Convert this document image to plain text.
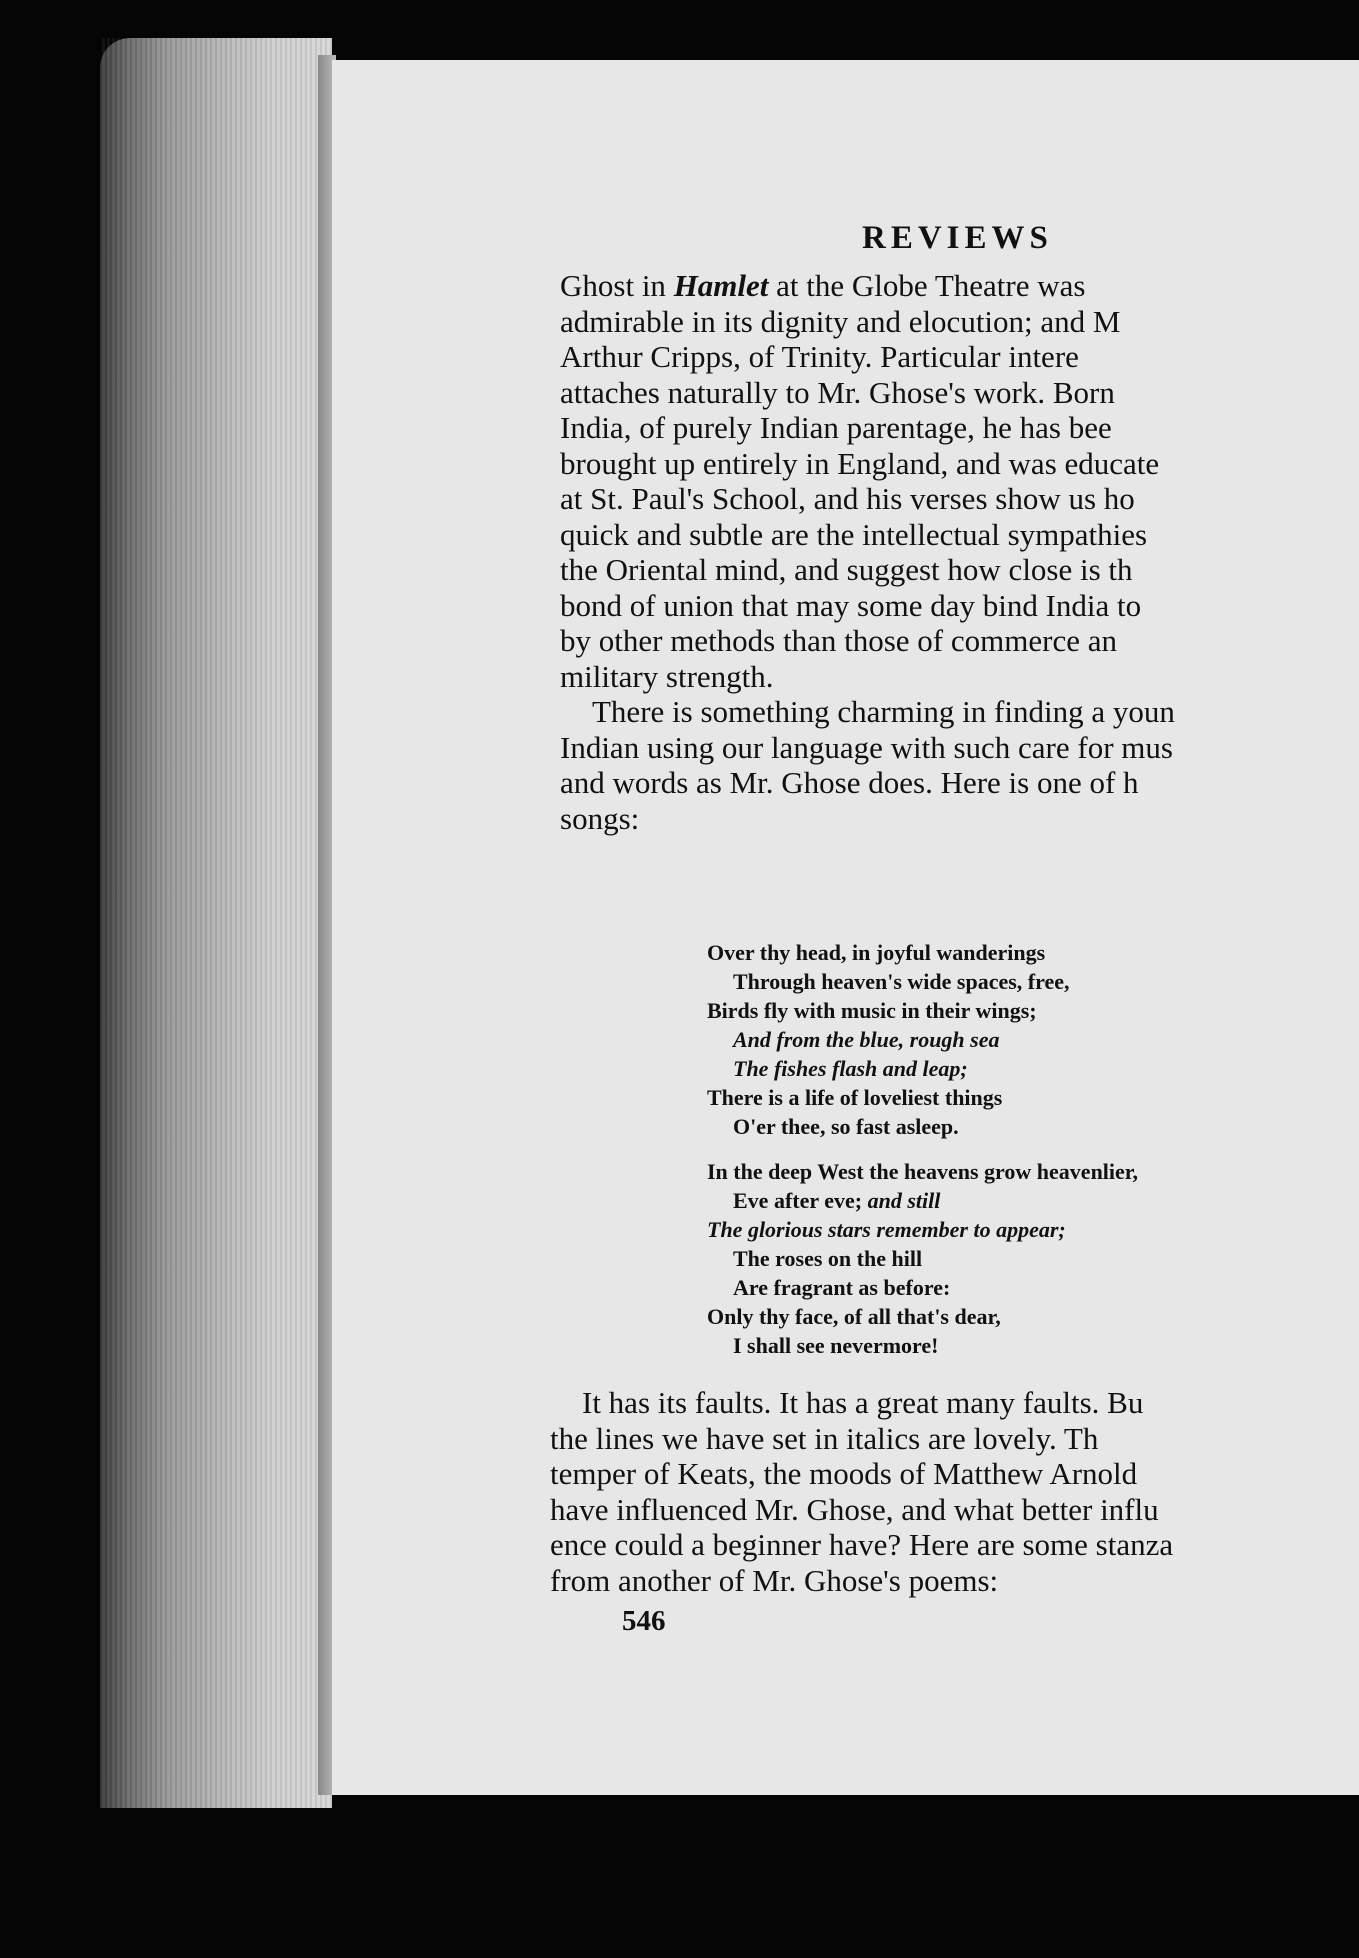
REVIEWS
Ghost in Hamlet at the Globe Theatre was
admirable in its dignity and elocution; and M
Arthur Cripps, of Trinity. Particular intere
attaches naturally to Mr. Ghose's work. Born
India, of purely Indian parentage, he has bee
brought up entirely in England, and was educate
at St. Paul's School, and his verses show us ho
quick and subtle are the intellectual sympathies
the Oriental mind, and suggest how close is th
bond of union that may some day bind India to
by other methods than those of commerce an
military strength.
There is something charming in finding a youn
Indian using our language with such care for mus
and words as Mr. Ghose does. Here is one of h
songs:
Over thy head, in joyful wanderings
Through heaven's wide spaces, free,
Birds fly with music in their wings;
And from the blue, rough sea
The fishes flash and leap;
There is a life of loveliest things
O'er thee, so fast asleep.
In the deep West the heavens grow heavenlier,
Eve after eve; and still
The glorious stars remember to appear;
The roses on the hill
Are fragrant as before:
Only thy face, of all that's dear,
I shall see nevermore!
It has its faults. It has a great many faults. Bu
the lines we have set in italics are lovely. Th
temper of Keats, the moods of Matthew Arnold
have influenced Mr. Ghose, and what better influ
ence could a beginner have? Here are some stanza
from another of Mr. Ghose's poems:
546
